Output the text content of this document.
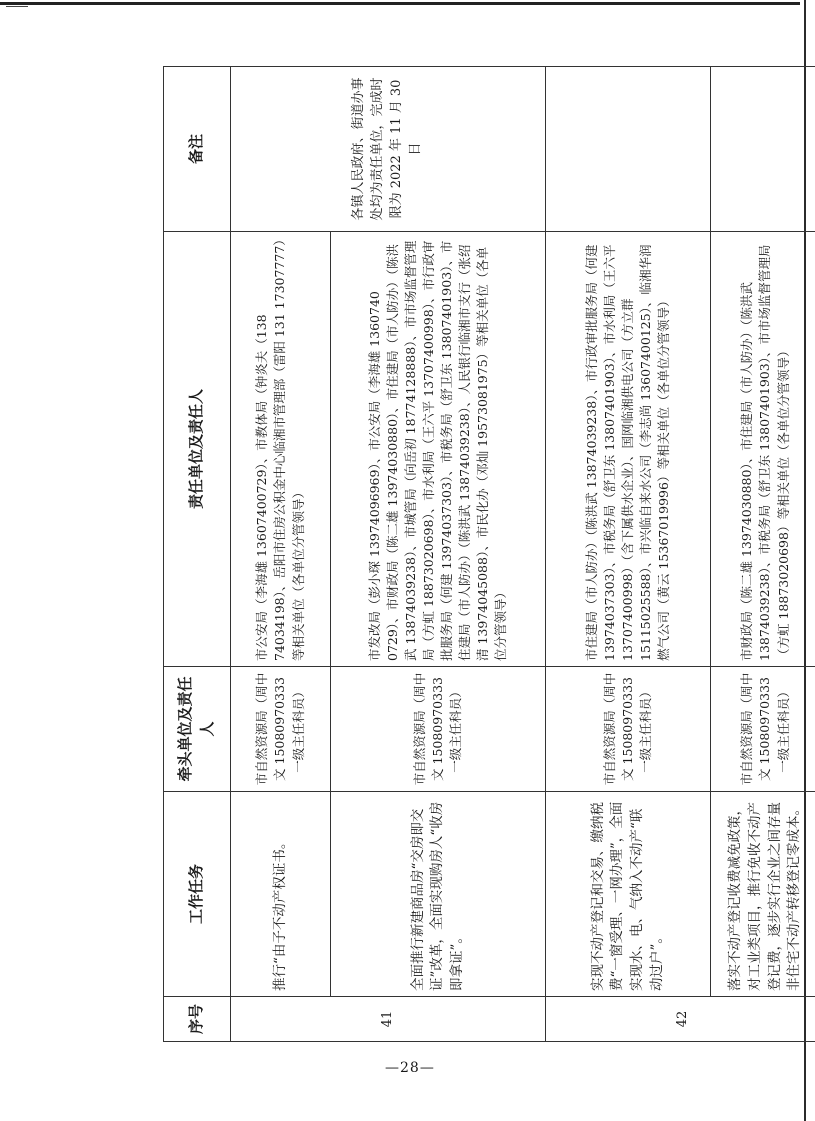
序号	工作任务	牵头单位及责任人	责任单位及责任人	备注
41	推行“由子不动产权证书。	市自然资源局（周中文 15080970333 一级主任科员）	市公安局（李海雄 13607400729）、市教体局（钟炎夫（138 74034198）、岳阳市住房公积金中心临湘市管理部（雷阳 131 17307777）等相关单位（各单位分管领导）	各镇人民政府、街道办事处均为责任单位，完成时限为 2022 年 11 月 30 日
	全面推行新建商品房“交房即交证”改革，全面实现购房人“收房即拿证”。	市自然资源局（周中文 15080970333 一级主任科员）	市发改局（彭小琛 13974096969）、市公安局（李海雄 1360740 0729）、市财政局（陈二雄 13974030880）、市住建局（市人防办）（陈洪武 13874039238）、市城管局（向岳初 18774128888）、市市场监督管理局（方虹 18873020698）、市水利局（王六平 13707400998）、市行政审批服务局（何建 13974037303）、市税务局（舒卫东 13807401903）、市住建局（市人防办）（陈洪武 13874039238）、人民银行临湘市支行（张绍清 13974045088）、市民化办（邓灿 19573081975）等相关单位（各单位分管领导）	
42	实现不动产登记和交易、缴纳税费“一窗受理、一网办理”，全面实现水、电、气纳入不动产“联动过户”。	市自然资源局（周中文 15080970333 一级主任科员）	市住建局（市人防办）（陈洪武 13874039238）、市行政审批服务局（何建 13974037303）、市税务局（舒卫东 13807401903）、市水利局（王六平 13707400998）（含下属供水企业）、国网临湘供电公司（方立群 15115025588）、市兴临自来水公司（李志尚 13607400125）、临湘华润燃气公司（黄云 15367019996）等相关单位（各单位分管领导）	
	落实不动产登记收费减免政策，对工业类项目，推行免收不动产登记费，逐步实行企业之间存量非住宅不动产转移登记零成本。	市自然资源局（周中文 15080970333 一级主任科员）	市财政局（陈二雄 13974030880）、市住建局（市人防办）（陈洪武 13874039238）、市税务局（舒卫东 13807401903）、市市场监督管理局（方虹 18873020698）等相关单位（各单位分管领导）	
—28—
